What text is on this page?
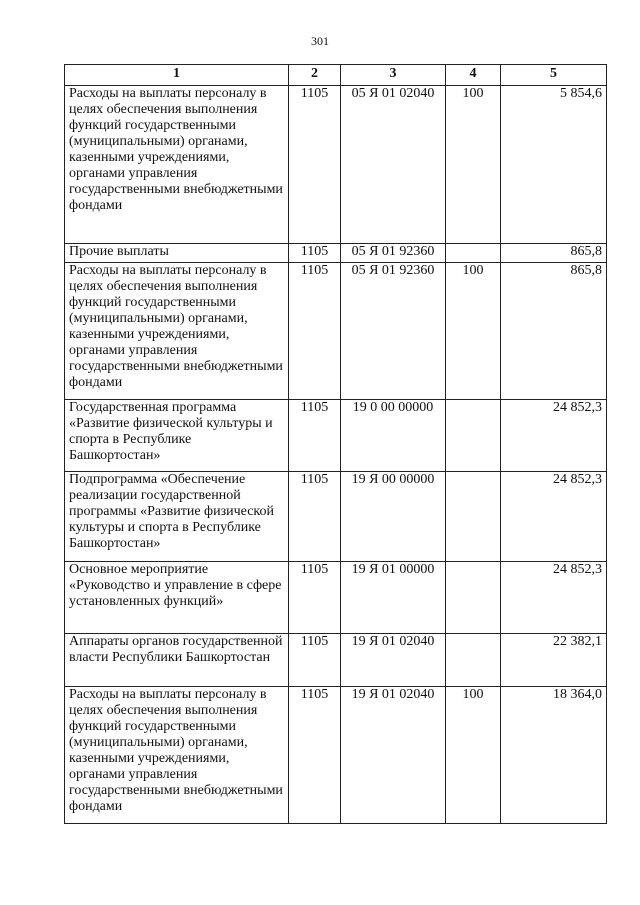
301
1	2	3	4	5
Расходы на выплаты персоналу в целях обеспечения выполнения функций государственными (муниципальными) органами, казенными учреждениями, органами управления государственными внебюджетными фондами	1105	05 Я 01 02040	100	5 854,6
Прочие выплаты	1105	05 Я 01 92360		865,8
Расходы на выплаты персоналу в целях обеспечения выполнения функций государственными (муниципальными) органами, казенными учреждениями, органами управления государственными внебюджетными фондами	1105	05 Я 01 92360	100	865,8
Государственная программа «Развитие физической культуры и спорта в Республике Башкортостан»	1105	19 0 00 00000		24 852,3
Подпрограмма «Обеспечение реализации государственной программы «Развитие физической культуры и спорта в Республике Башкортостан»	1105	19 Я 00 00000		24 852,3
Основное мероприятие «Руководство и управление в сфере установленных функций»	1105	19 Я 01 00000		24 852,3
Аппараты органов государственной власти Республики Башкортостан	1105	19 Я 01 02040		22 382,1
Расходы на выплаты персоналу в целях обеспечения выполнения функций государственными (муниципальными) органами, казенными учреждениями, органами управления государственными внебюджетными фондами	1105	19 Я 01 02040	100	18 364,0
